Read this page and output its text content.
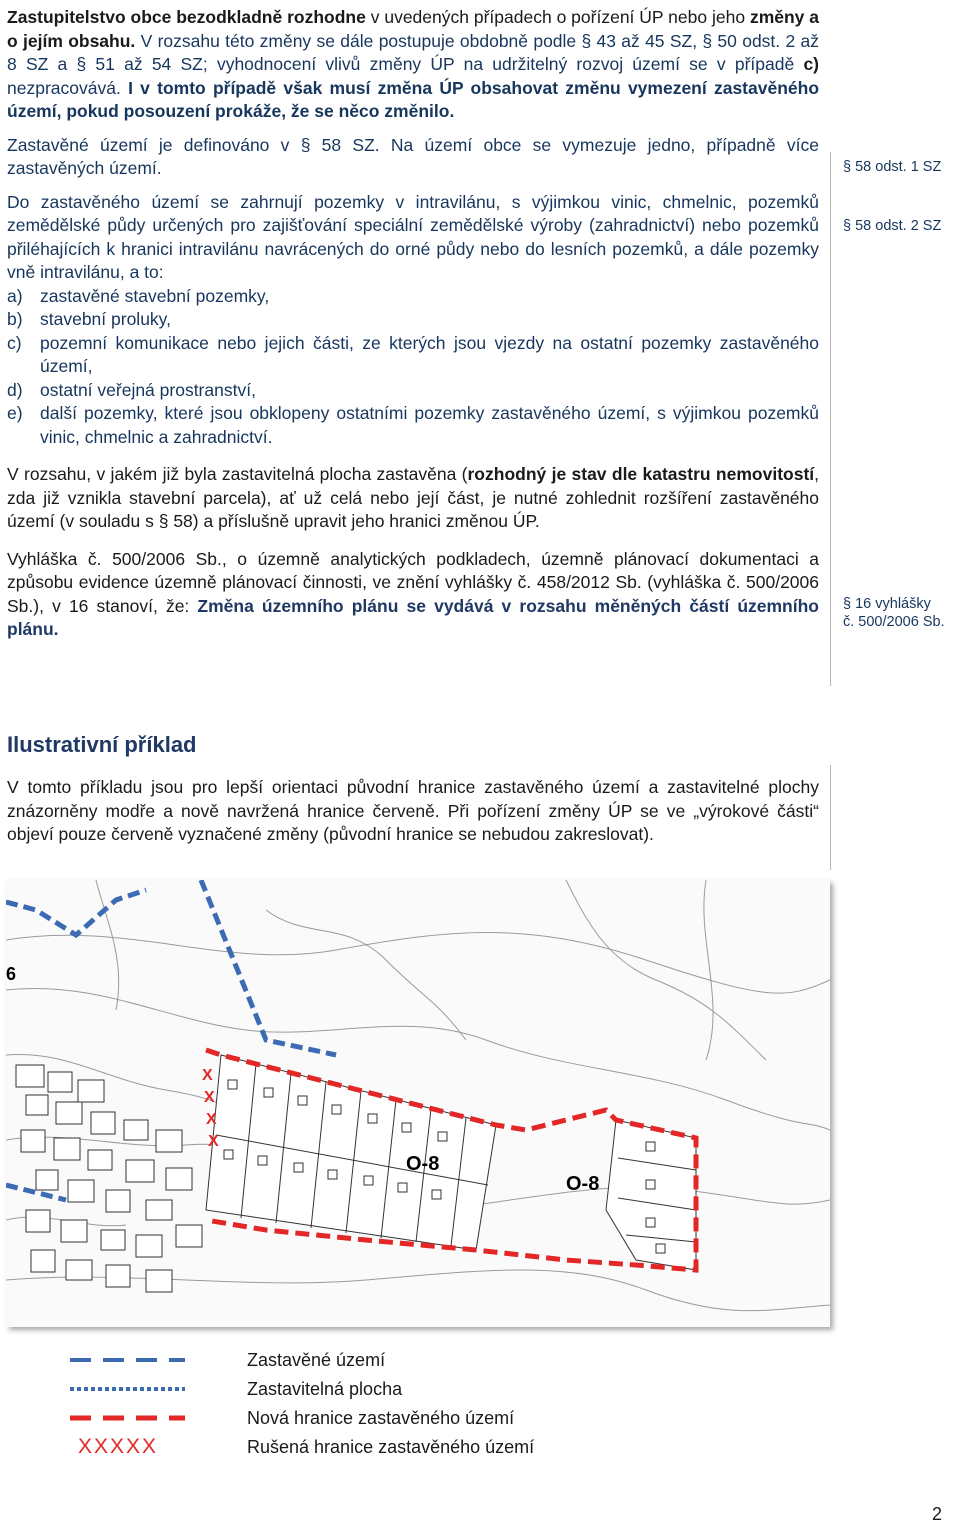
Zastupitelstvo obce bezodkladně rozhodne v uvedených případech o pořízení ÚP nebo jeho změny a o jejím obsahu. V rozsahu této změny se dále postupuje obdobně podle § 43 až 45 SZ, § 50 odst. 2 až 8 SZ a § 51 až 54 SZ; vyhodnocení vlivů změny ÚP na udržitelný rozvoj území se v případě c) nezpracovává. I v tomto případě však musí změna ÚP obsahovat změnu vymezení zastavěného území, pokud posouzení prokáže, že se něco změnilo.

Zastavěné území je definováno v § 58 SZ. Na území obce se vymezuje jedno, případně více zastavěných území.

Do zastavěného území se zahrnují pozemky v intravilánu, s výjimkou vinic, chmelnic, pozemků zemědělské půdy určených pro zajišťování speciální zemědělské výroby (zahradnictví) nebo pozemků přiléhajících k hranici intravilánu navrácených do orné půdy nebo do lesních pozemků, a dále pozemky vně intravilánu, a to:

a) zastavěné stavební pozemky,
b) stavební proluky,
c)	pozemní komunikace nebo jejich části, ze kterých jsou vjezdy na ostatní pozemky zastavěného území,
d) ostatní veřejná prostranství,
e) další pozemky, které jsou obklopeny ostatními pozemky zastavěného území, s výjimkou pozemků vinic, chmelnic a zahradnictví.

V rozsahu, v jakém již byla zastavitelná plocha zastavěna (rozhodný je stav dle katastru nemovitostí, zda již vznikla stavební parcela), ať už celá nebo její část, je nutné zohlednit rozšíření zastavěného území (v souladu s § 58) a příslušně upravit jeho hranici změnou ÚP.

Vyhláška č. 500/2006 Sb., o územně analytických podkladech, územně plánovací dokumentaci a způsobu evidence územně plánovací činnosti, ve znění vyhlášky č. 458/2012 Sb. (vyhláška č. 500/2006 Sb.), v 16 stanoví, že: Změna územního plánu se vydává v rozsahu měněných částí územního plánu.

§ 58 odst. 1 SZ
§ 58 odst. 2 SZ
§ 16 vyhlášky
č. 500/2006 Sb.
Ilustrativní příklad

V tomto příkladu jsou pro lepší orientaci původní hranice zastavěného území a zastavitelné plochy znázorněny modře a nově navržená hranice červeně. Při pořízení změny ÚP se ve „výrokové části“ objeví pouze červeně vyznačené změny (původní hranice se nebudou zakreslovat).

X
X
X
X
O-8
O-8
6
Zastavěné území
Zastavitelná plocha
Nová hranice zastavěného území
XXXXX	Rušená hranice zastavěného území
2
